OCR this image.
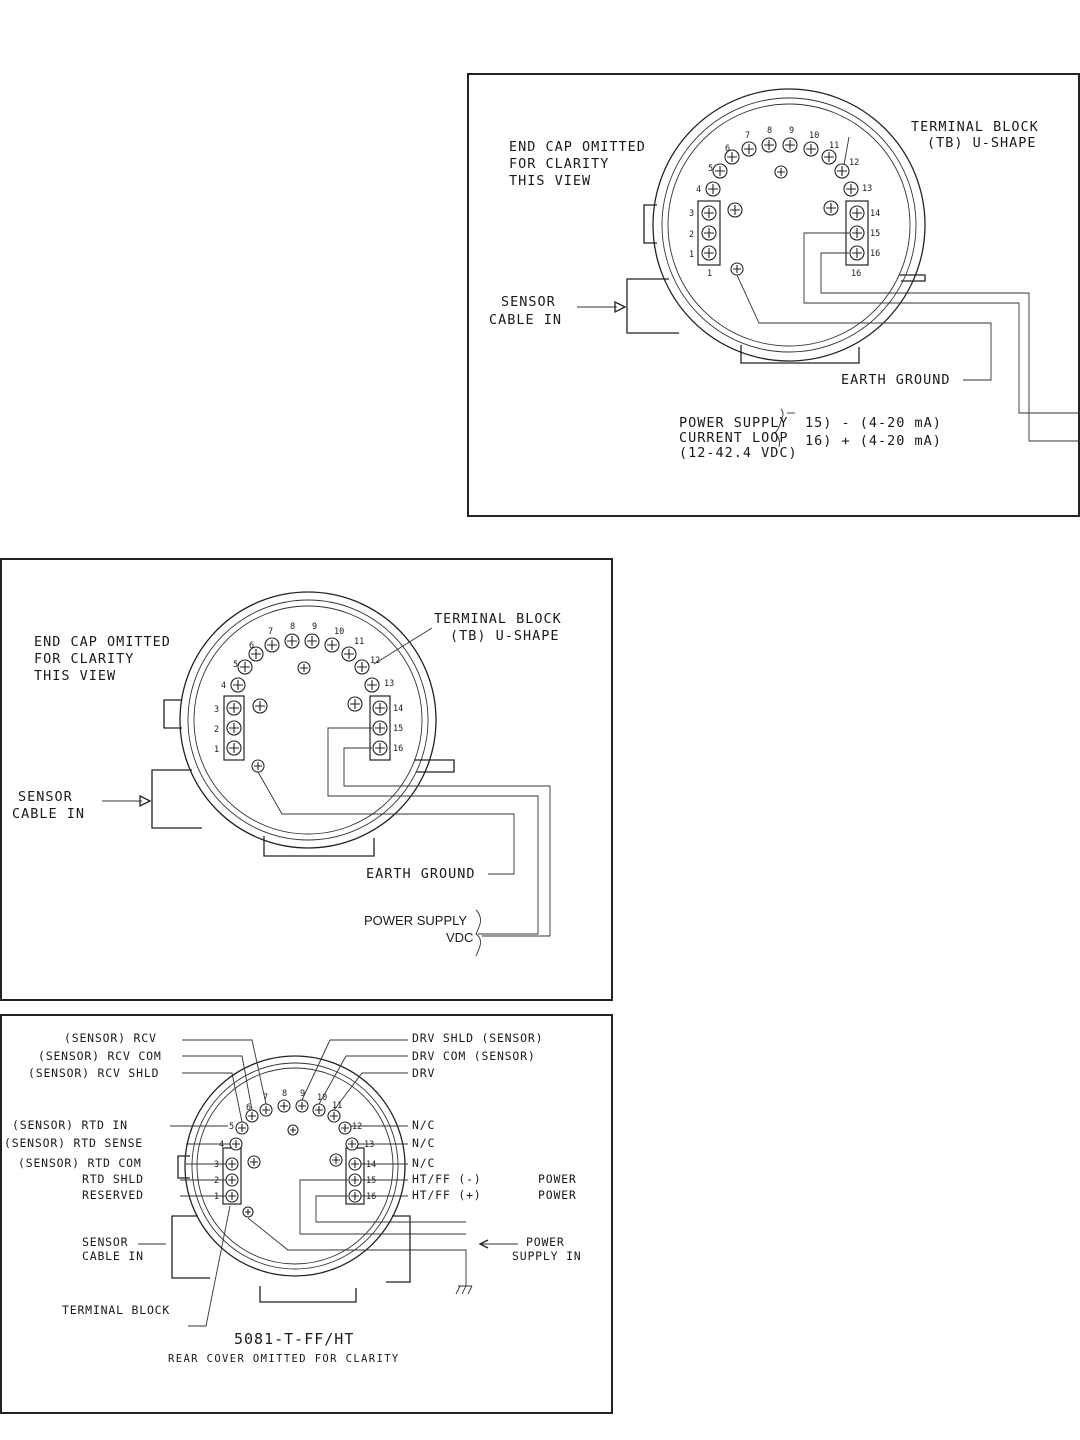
1
2
3
4
5
6
7 8 9 10
11
12
13
14
15
16
1	16
END CAP OMITTED
FOR CLARITY
THIS VIEW
TERMINAL BLOCK
(TB) U-SHAPE
SENSOR
CABLE IN
EARTH GROUND
POWER SUPPLY
CURRENT LOOP
(12-42.4 VDC)
15) - (4-20 mA)
16) + (4-20 mA)
1
2
3
4
5
6
7 8 9 10
11
12
13
14
15
16
END CAP OMITTED
FOR CLARITY
THIS VIEW
TERMINAL BLOCK
(TB) U-SHAPE
SENSOR
CABLE IN
EARTH GROUND
POWER SUPPLY
VDC
1
2
3
4
5
6
7 8 9 10
11
12
13
14
15
16
(SENSOR) RCV
(SENSOR) RCV COM
(SENSOR) RCV SHLD
(SENSOR) RTD IN
(SENSOR) RTD SENSE
(SENSOR) RTD COM
RTD SHLD
RESERVED
DRV SHLD (SENSOR)
DRV COM (SENSOR)
DRV
N/C
N/C
N/C
HT/FF (-)
HT/FF (+)
POWER
POWER
SENSOR
CABLE IN
POWER
SUPPLY IN
TERMINAL BLOCK
5081-T-FF/HT
REAR COVER OMITTED FOR CLARITY
